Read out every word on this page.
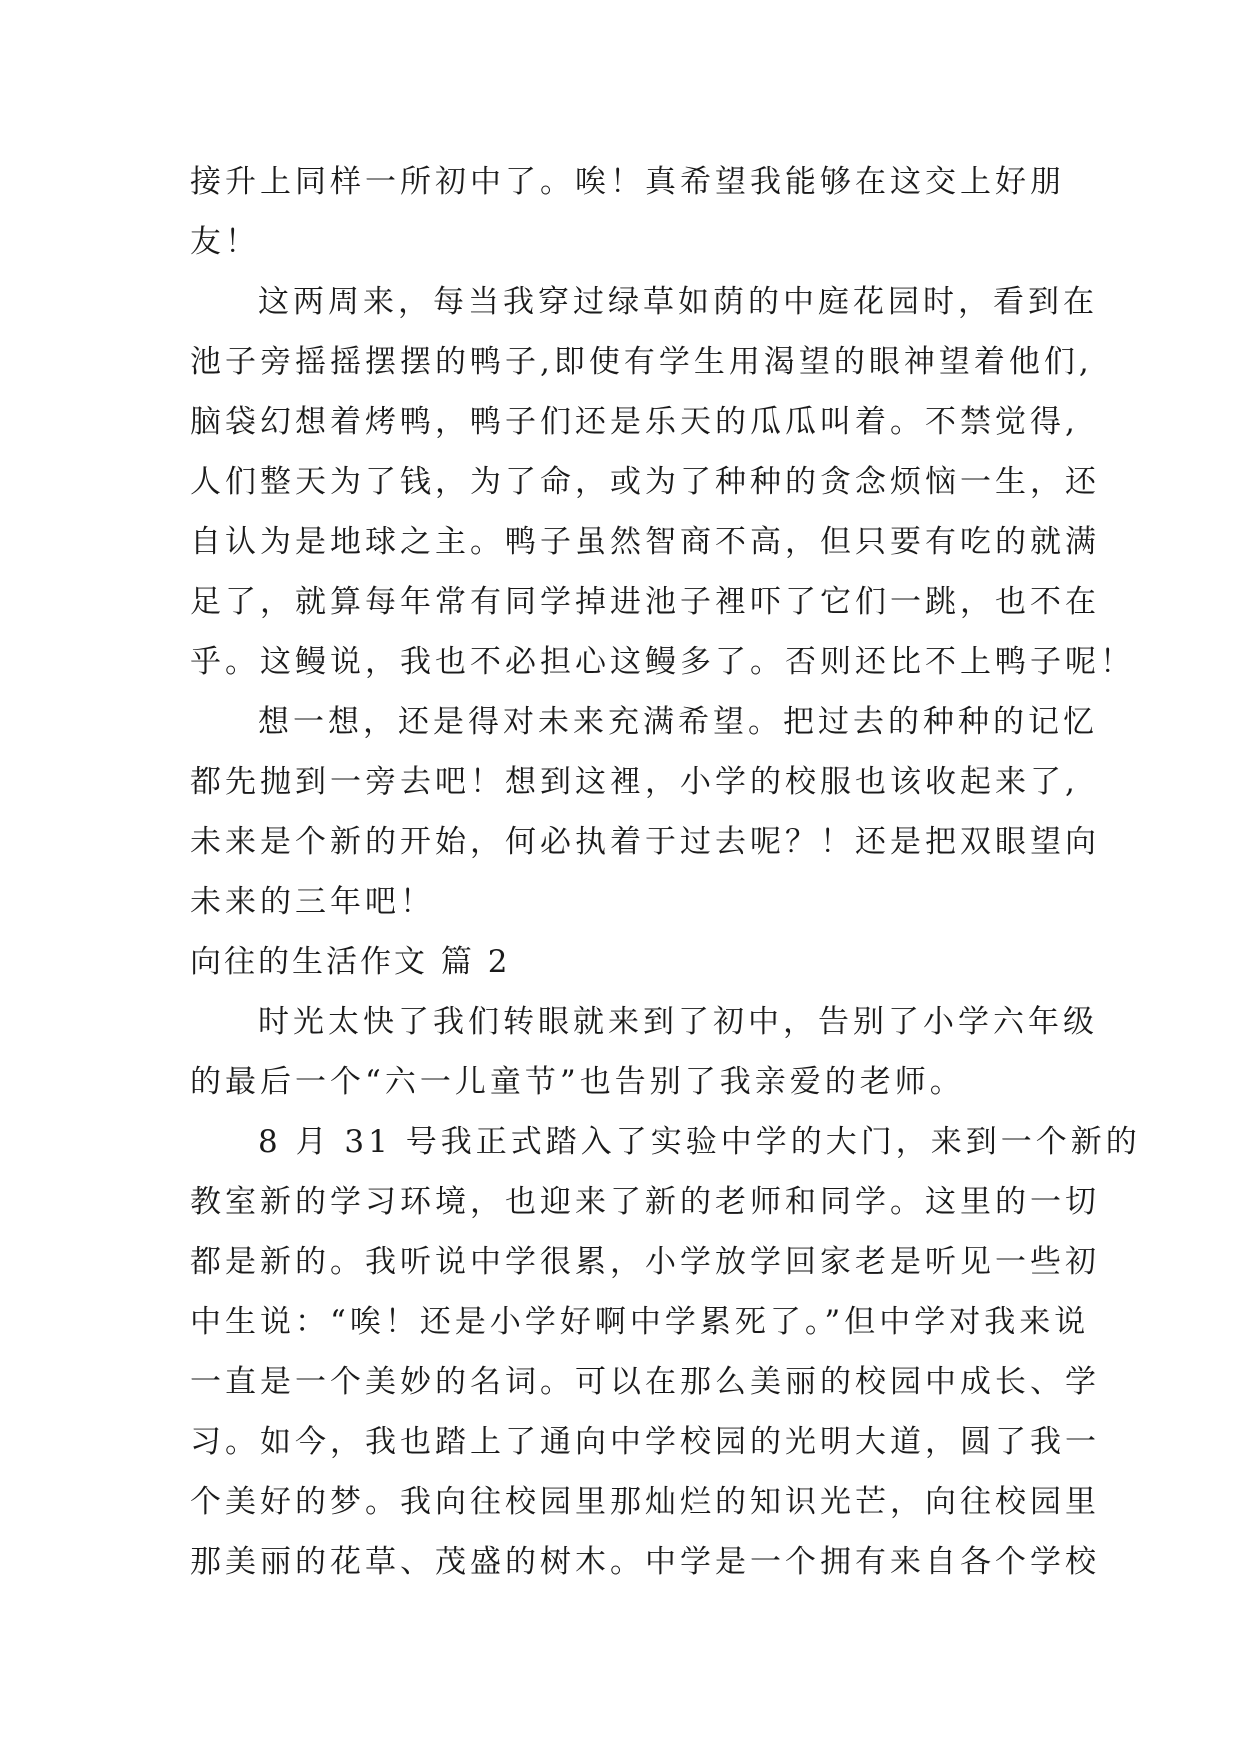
接升上同样一所初中了。唉！真希望我能够在这交上好朋
友！
这两周来，每当我穿过绿草如荫的中庭花园时，看到在
池子旁摇摇摆摆的鸭子,即使有学生用渴望的眼神望着他们,
脑袋幻想着烤鸭，鸭子们还是乐天的瓜瓜叫着。不禁觉得,
人们整天为了钱，为了命，或为了种种的贪念烦恼一生，还
自认为是地球之主。鸭子虽然智商不高，但只要有吃的就满
足了，就算每年常有同学掉进池子裡吓了它们一跳，也不在
乎。这鳗说，我也不必担心这鳗多了。否则还比不上鸭子呢！
想一想，还是得对未来充满希望。把过去的种种的记忆
都先抛到一旁去吧！想到这裡，小学的校服也该收起来了,
未来是个新的开始，何必执着于过去呢？！还是把双眼望向
未来的三年吧！
向往的生活作文 篇 2
时光太快了我们转眼就来到了初中，告别了小学六年级
的最后一个“六一儿童节”也告别了我亲爱的老师。
8 月 31 号我正式踏入了实验中学的大门，来到一个新的
教室新的学习环境，也迎来了新的老师和同学。这里的一切
都是新的。我听说中学很累，小学放学回家老是听见一些初
中生说：“唉！还是小学好啊中学累死了。”但中学对我来说
一直是一个美妙的名词。可以在那么美丽的校园中成长、学
习。如今，我也踏上了通向中学校园的光明大道，圆了我一
个美好的梦。我向往校园里那灿烂的知识光芒，向往校园里
那美丽的花草、茂盛的树木。中学是一个拥有来自各个学校
